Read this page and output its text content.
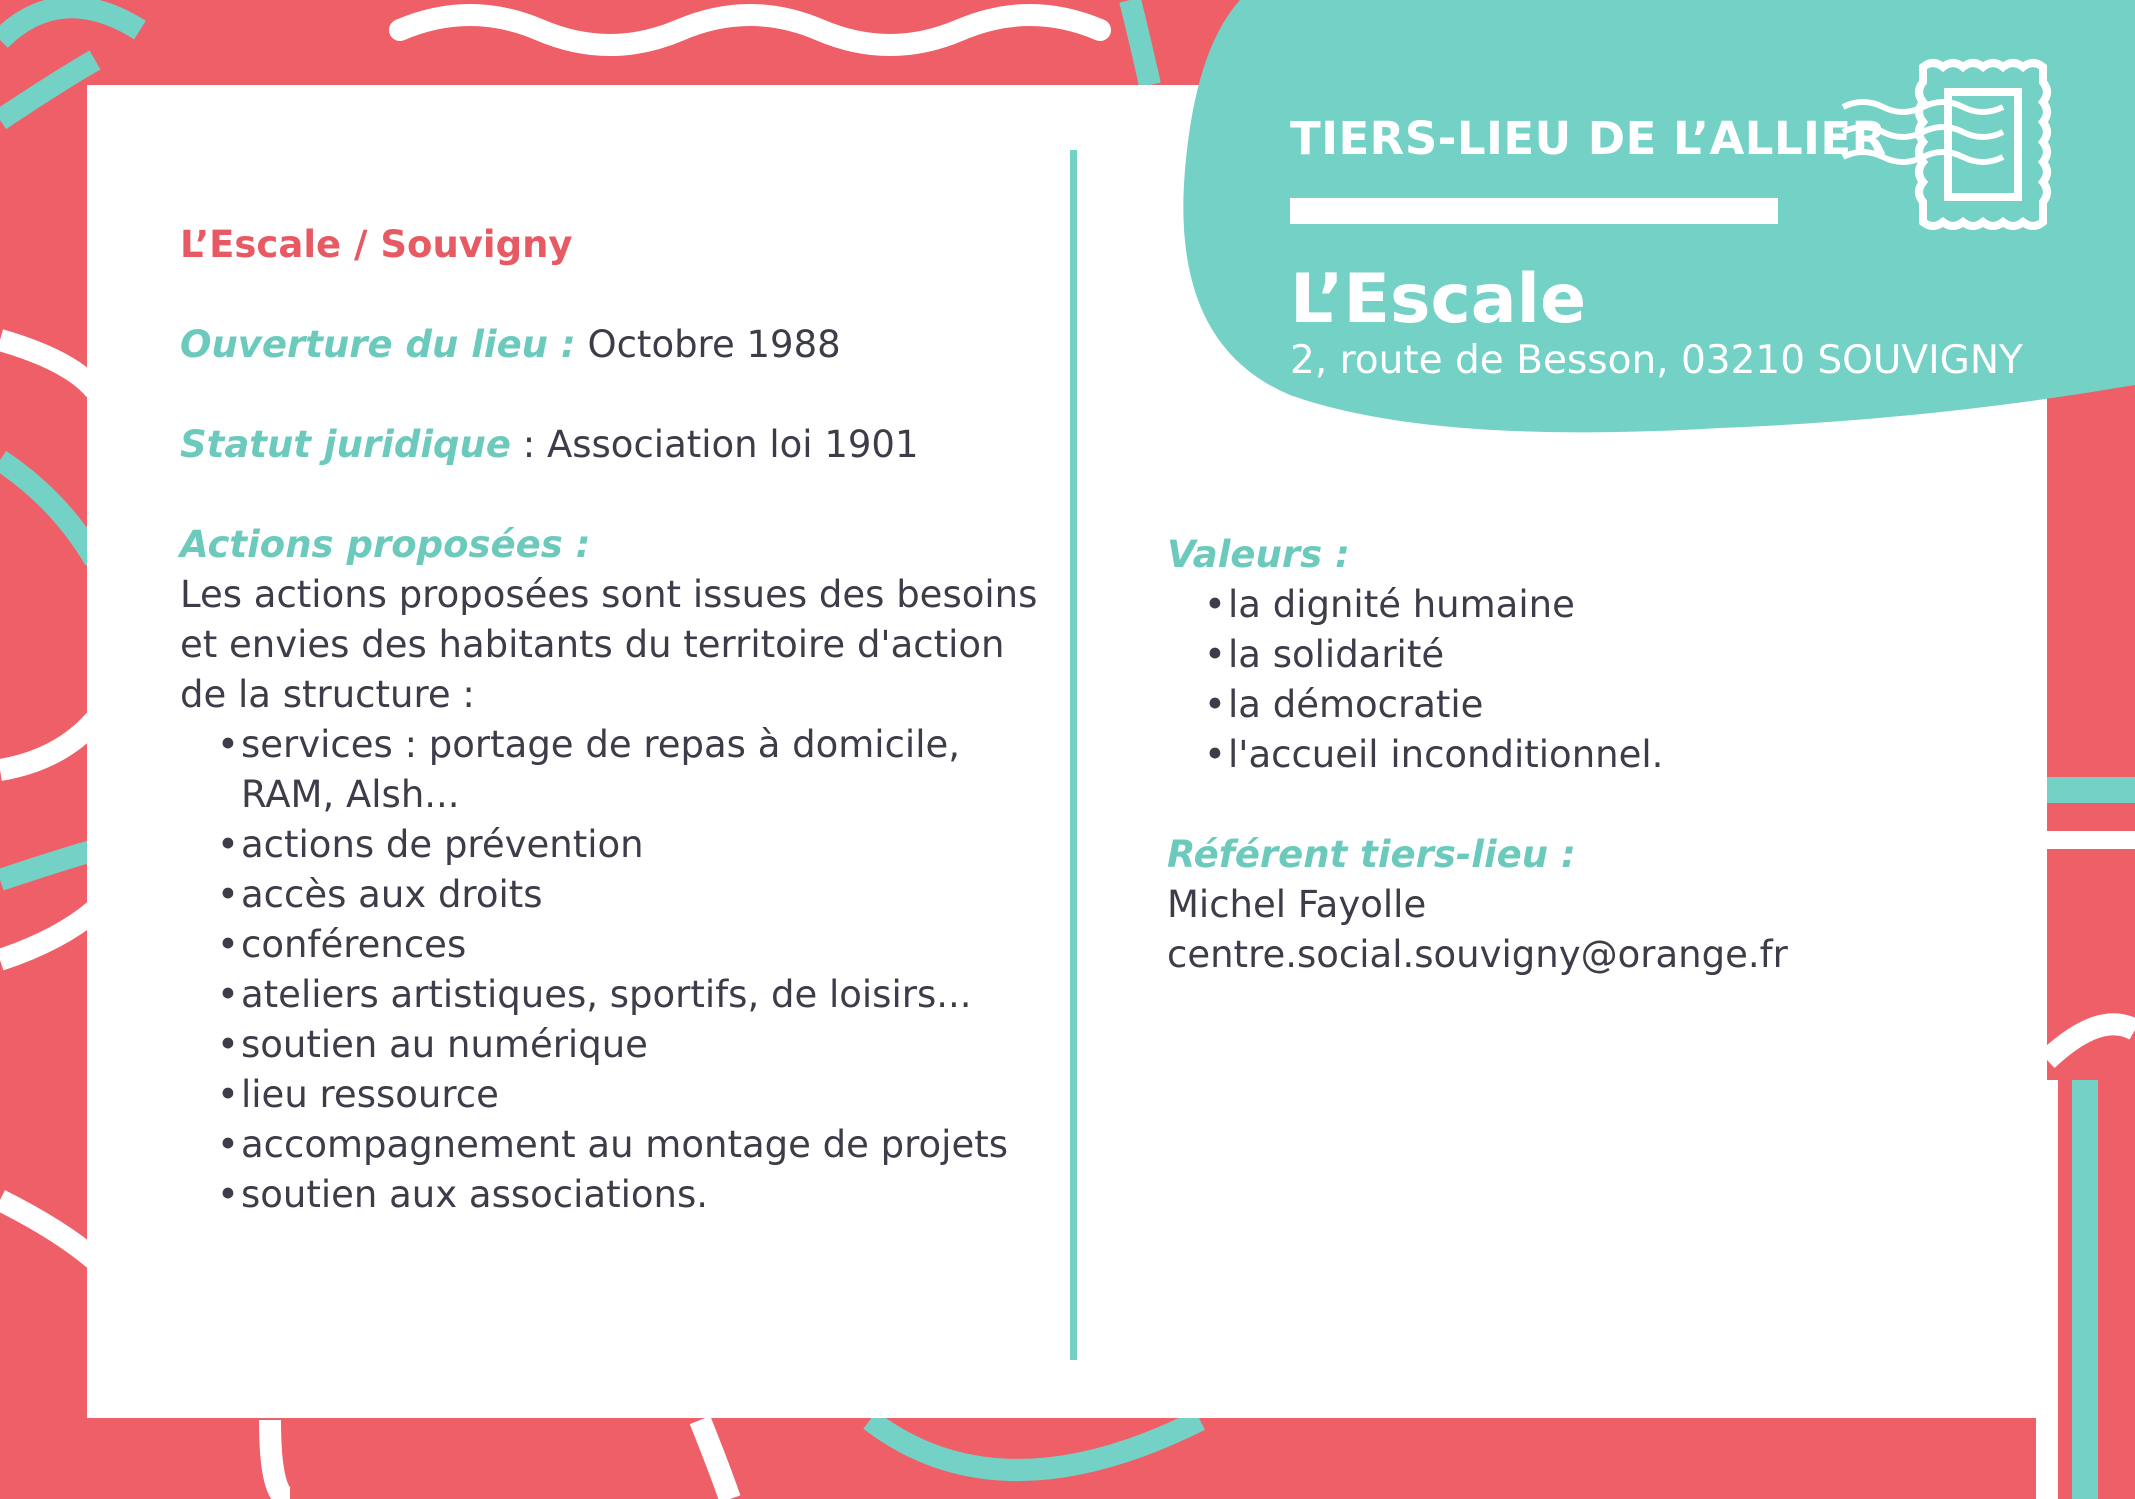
TIERS-LIEU DE L’ALLIER
L’Escale
2, route de Besson, 03210 SOUVIGNY
L’Escale / Souvigny
Ouverture du lieu : Octobre 1988
Statut juridique : Association loi 1901
Actions proposées :
Les actions proposées sont issues des besoins et envies des habitants du territoire d'action de la structure :
• services : portage de repas à domicile, RAM, Alsh...
• actions de prévention
• accès aux droits
• conférences
• ateliers artistiques, sportifs, de loisirs...
• soutien au numérique
• lieu ressource
• accompagnement au montage de projets
• soutien aux associations.
Valeurs :
• la dignité humaine
• la solidarité
• la démocratie
• l'accueil inconditionnel.
Référent tiers-lieu :
Michel Fayolle
centre.social.souvigny@orange.fr
